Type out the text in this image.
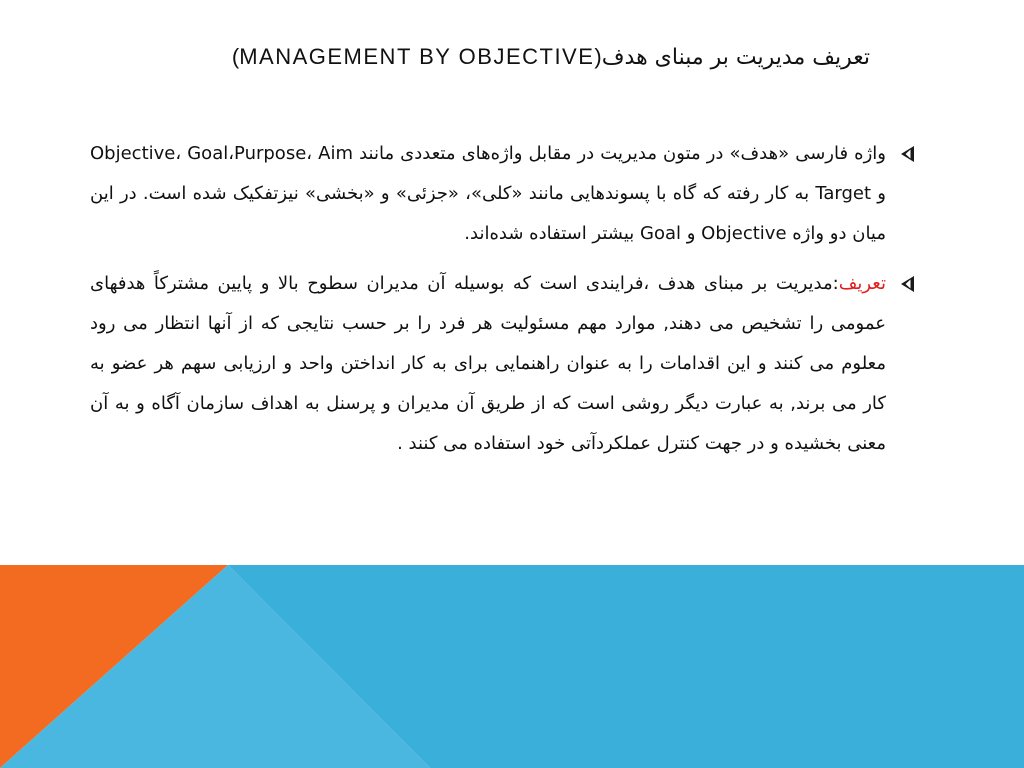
تعریف مدیریت بر مبنای هدف(MANAGEMENT BY OBJECTIVE)
واژه فارسی «هدف» در متون مدیریت در مقابل واژه‌های متعددی مانند Objective، Goal،Purpose، Aim و Target به کار رفته که گاه با پسوندهایی مانند «کلی»، «جزئی» و «بخشی» نیزتفکیک شده است. در این میان دو واژه Objective و Goal بیشتر استفاده شده‌اند.
تعریف:مدیریت بر مبنای هدف ،فرایندی است که بوسیله آن مدیران سطوح بالا و پایین مشترکاً هدفهای عمومی را تشخیص می دهند, موارد مهم مسئولیت هر فرد را بر حسب نتایجی که از آنها انتظار می رود معلوم می کنند و این اقدامات را به عنوان راهنمایی برای به کار انداختن واحد و ارزیابی سهم هر عضو به کار می برند, به عبارت دیگر روشی است که از طریق آن مدیران و پرسنل به اهداف سازمان آگاه و به آن معنی بخشیده و در جهت کنترل عملکردآتی خود استفاده می کنند .
